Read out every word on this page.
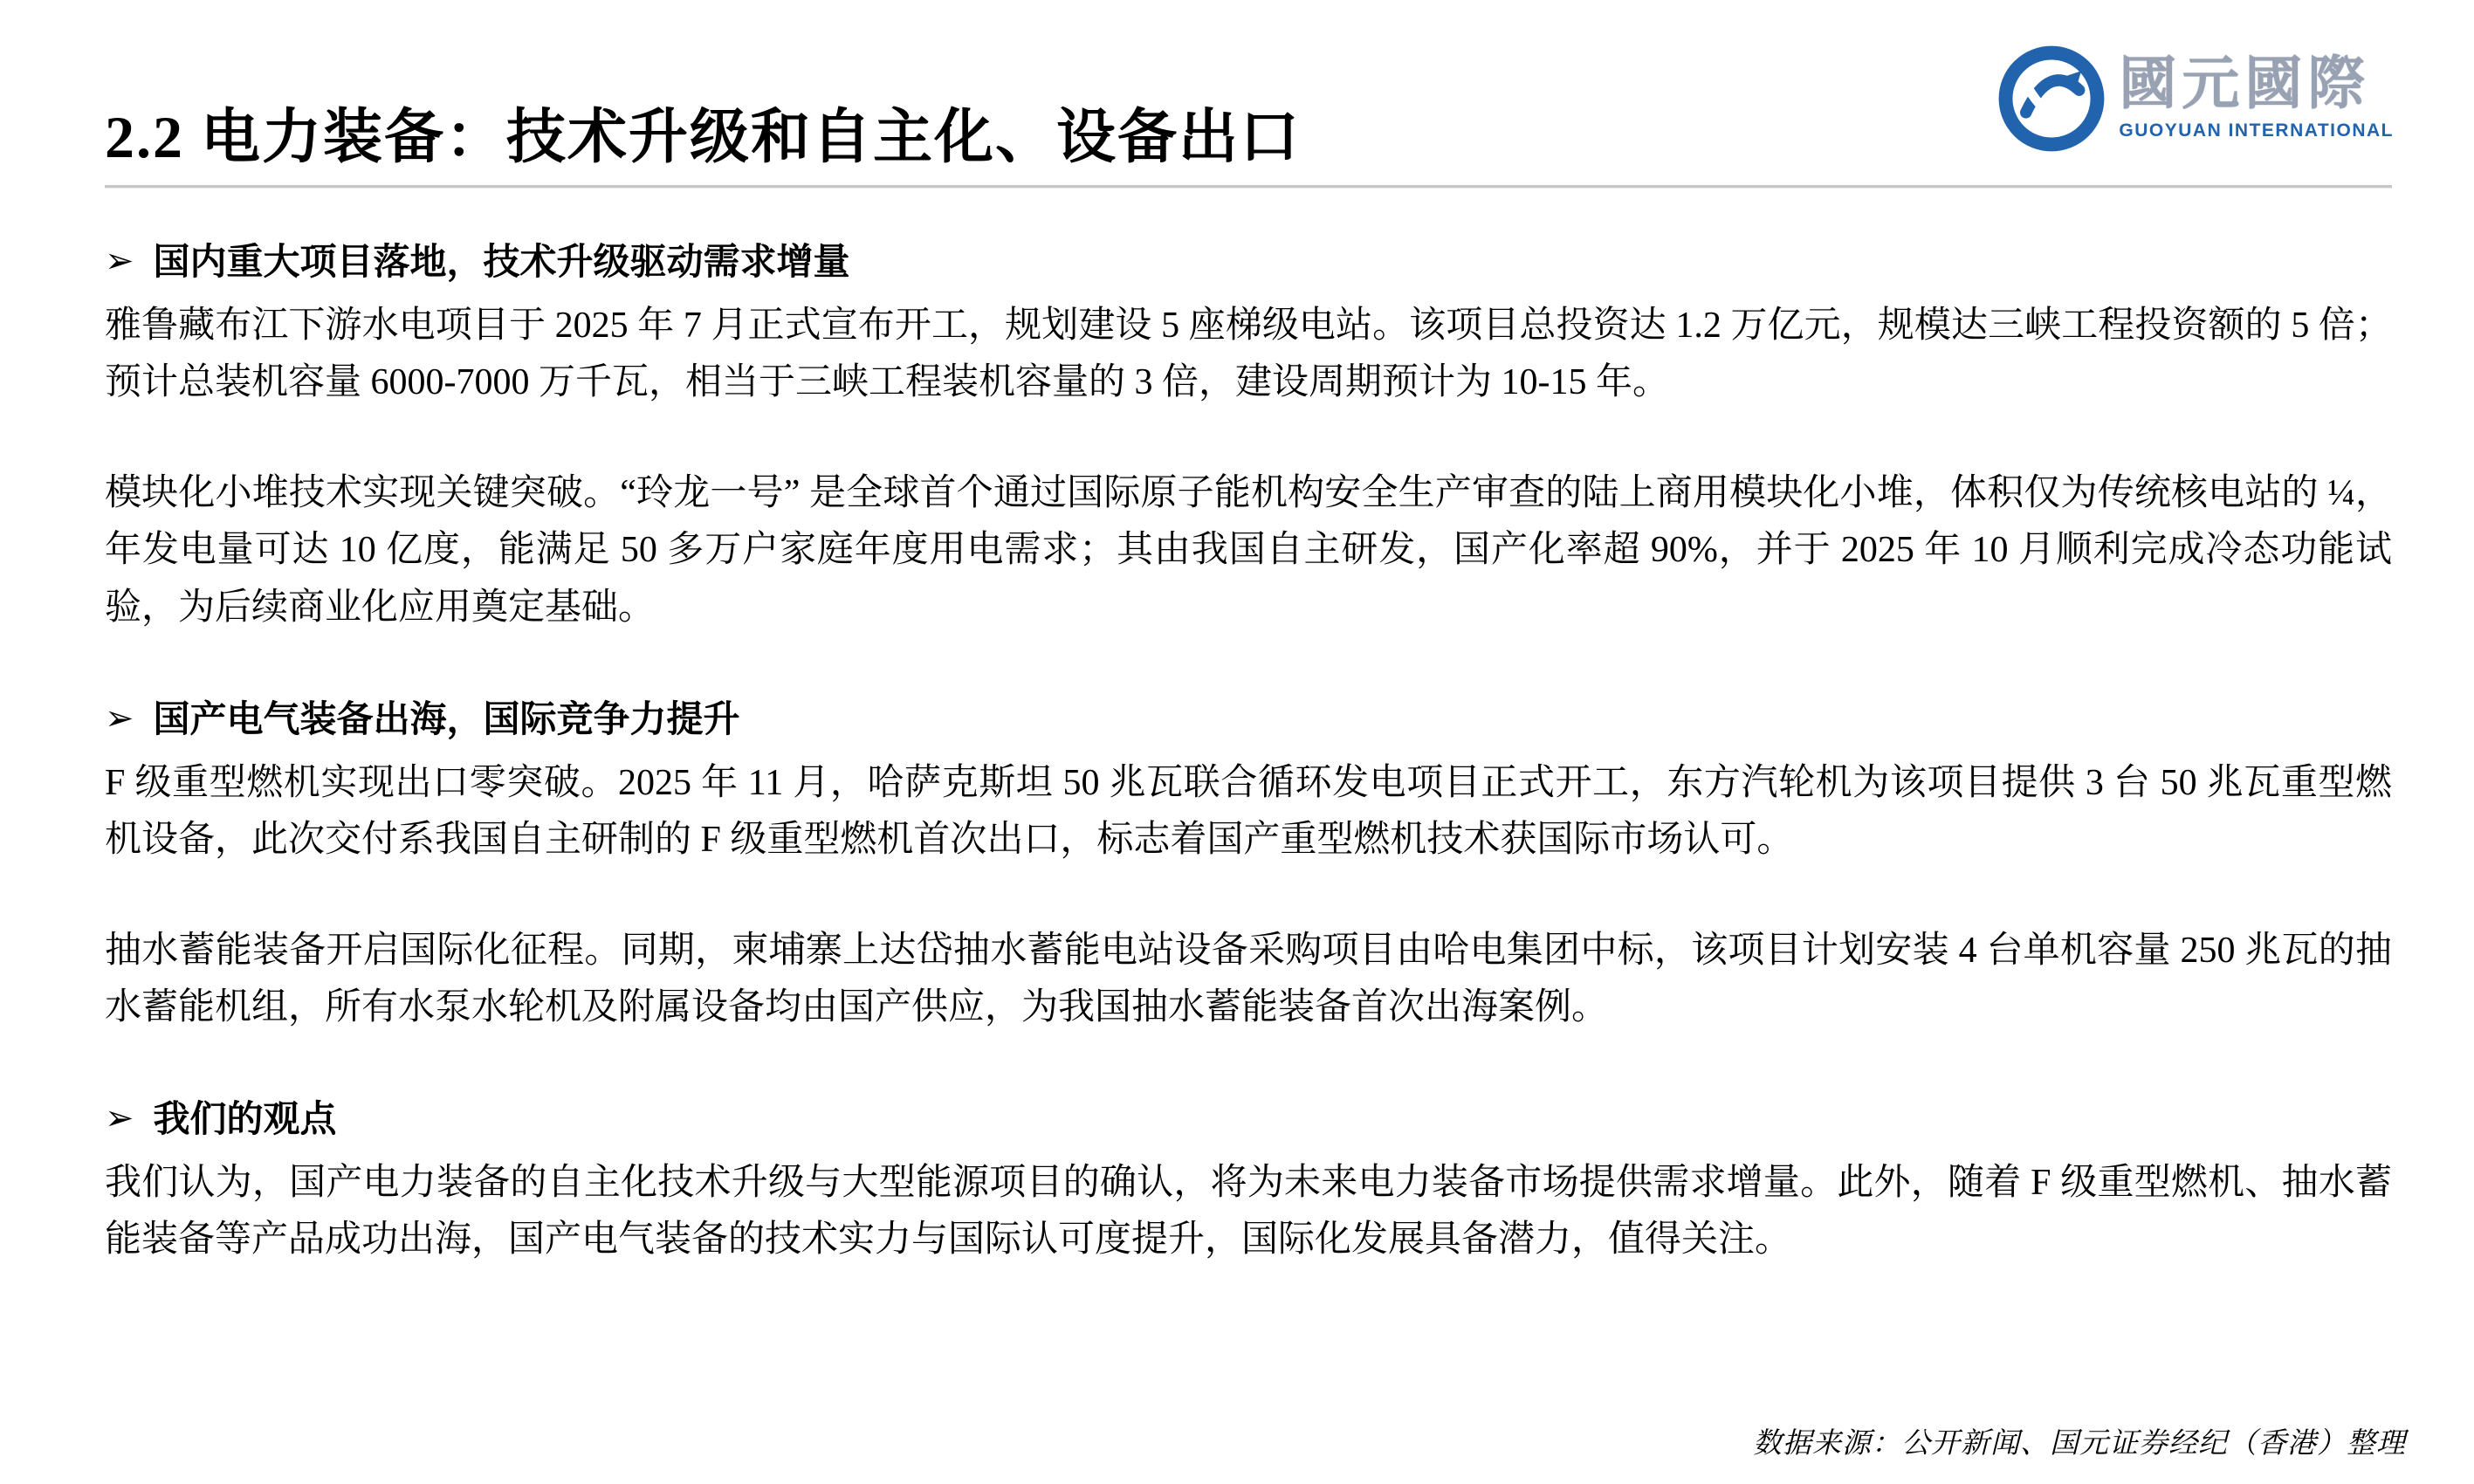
國元國際
GUOYUAN INTERNATIONAL
2.2 电力装备：技术升级和自主化、设备出口
➢ 国内重大项目落地，技术升级驱动需求增量

雅鲁藏布江下游水电项目于 2025 年 7 月正式宣布开工，规划建设 5 座梯级电站。该项目总投资达 1.2 万亿元，规模达三峡工程投资额的 5 倍；预计总装机容量 6000-7000 万千瓦，相当于三峡工程装机容量的 3 倍，建设周期预计为 10-15 年。

模块化小堆技术实现关键突破。“玲龙一号” 是全球首个通过国际原子能机构安全生产审查的陆上商用模块化小堆，体积仅为传统核电站的 ¼，年发电量可达 10 亿度，能满足 50 多万户家庭年度用电需求；其由我国自主研发，国产化率超 90%，并于 2025 年 10 月顺利完成冷态功能试验，为后续商业化应用奠定基础。

➢ 国产电气装备出海，国际竞争力提升

F 级重型燃机实现出口零突破。2025 年 11 月，哈萨克斯坦 50 兆瓦联合循环发电项目正式开工，东方汽轮机为该项目提供 3 台 50 兆瓦重型燃机设备，此次交付系我国自主研制的 F 级重型燃机首次出口，标志着国产重型燃机技术获国际市场认可。

抽水蓄能装备开启国际化征程。同期，柬埔寨上达岱抽水蓄能电站设备采购项目由哈电集团中标，该项目计划安装 4 台单机容量 250 兆瓦的抽水蓄能机组，所有水泵水轮机及附属设备均由国产供应，为我国抽水蓄能装备首次出海案例。

➢ 我们的观点

我们认为，国产电力装备的自主化技术升级与大型能源项目的确认，将为未来电力装备市场提供需求增量。此外，随着 F 级重型燃机、抽水蓄能装备等产品成功出海，国产电气装备的技术实力与国际认可度提升，国际化发展具备潜力，值得关注。

数据来源：公开新闻、国元证券经纪（香港）整理
